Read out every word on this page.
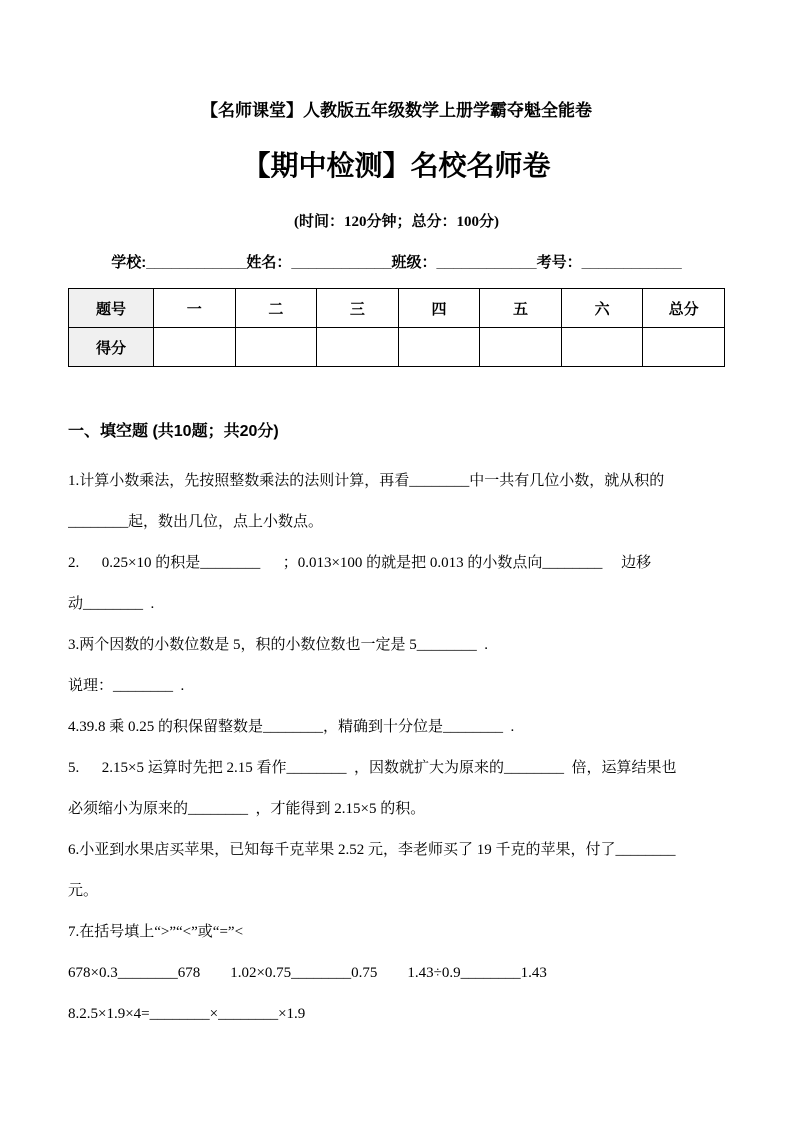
【名师课堂】人教版五年级数学上册学霸夺魁全能卷
【期中检测】名校名师卷
(时间：120分钟；总分：100分)
学校:____________姓名：____________班级：____________考号：____________
题号	一	二	三	四	五	六	总分
得分							
一、填空题 (共10题；共20分)
1.计算小数乘法，先按照整数乘法的法则计算，再看________中一共有几位小数，就从积的
________起，数出几位，点上小数点。
2.      0.25×10 的积是________      ；0.013×100 的就是把 0.013 的小数点向________     边移
动________  .
3.两个因数的小数位数是 5，积的小数位数也一定是 5________  .
说理：________  .
4.39.8 乘 0.25 的积保留整数是________，精确到十分位是________  .
5.      2.15×5 运算时先把 2.15 看作________  ，因数就扩大为原来的________  倍，运算结果也
必须缩小为原来的________  ，才能得到 2.15×5 的积。
6.小亚到水果店买苹果，已知每千克苹果 2.52 元，李老师买了 19 千克的苹果，付了________
元。
7.在括号填上“>”“<”或“=”<
678×0.3________678        1.02×0.75________0.75        1.43÷0.9________1.43
8.2.5×1.9×4=________×________×1.9
